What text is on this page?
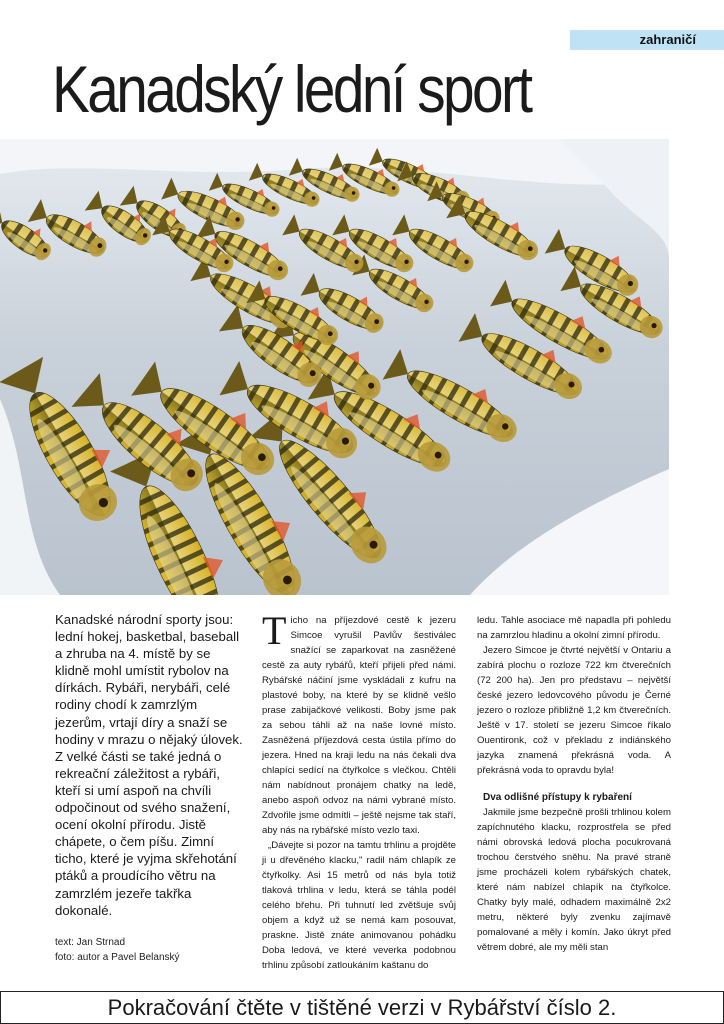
zahraničí
Kanadský lední sport
Kanadské národní sporty jsou: lední hokej, basketbal, baseball a zhruba na 4. místě by se klidně mohl umístit rybolov na dírkách. Rybáři, nerybáři, celé rodiny chodí k zamrzlým jezerům, vrtají díry a snaží se hodiny v mrazu o nějaký úlovek. Z velké části se také jedná o rekreační záležitost a rybáři, kteří si umí aspoň na chvíli odpočinout od svého snažení, ocení okolní přírodu. Jistě chápete, o čem píšu. Zimní ticho, které je vyjma skřehotání ptáků a proudícího větru na zamrzlém jezeře takřka dokonalé.
text: Jan Strnad
foto: autor a Pavel Belanský

Ticho na příjezdové cestě k jezeru Simcoe vyrušil Pavlův šestiválec snažící se zaparkovat na zasněžené cestě za auty rybářů, kteří přijeli před námi. Rybářské náčiní jsme vyskládali z kufru na plastové boby, na které by se klidně vešlo prase zabijačkové velikosti. Boby jsme pak za sebou táhli až na naše lovné místo. Zasněžená příjezdová cesta ústila přímo do jezera. Hned na kraji ledu na nás čekali dva chlapíci sedící na čtyřkolce s vlečkou. Chtěli nám nabídnout pronájem chatky na ledě, anebo aspoň odvoz na námi vybrané místo. Zdvořile jsme odmítli – ještě nejsme tak staří, aby nás na rybářské místo vezlo taxi.

„Dávejte si pozor na tamtu trhlinu a projděte ji u dřevěného klacku," radil nám chlapík ze čtyřkolky. Asi 15 metrů od nás byla totiž tlaková trhlina v ledu, která se táhla podél celého břehu. Při tuhnutí led zvětšuje svůj objem a když už se nemá kam posouvat, praskne. Jistě znáte animovanou pohádku Doba ledová, ve které veverka podobnou trhlinu způsobí zatloukáním kaštanu do

ledu. Tahle asociace mě napadla při pohledu na zamrzlou hladinu a okolní zimní přírodu.

Jezero Simcoe je čtvrté největší v Ontariu a zabírá plochu o rozloze 722 km čtverečních (72 200 ha). Jen pro představu – největší české jezero ledovcového původu je Černé jezero o rozloze přibližně 1,2 km čtverečních. Ještě v 17. století se jezeru Simcoe říkalo Ouentironk, což v překladu z indiánského jazyka znamená překrásná voda. A překrásná voda to opravdu byla!

Dva odlišné přístupy k rybaření

Jakmile jsme bezpečně prošli trhlinou kolem zapíchnutého klacku, rozprostřela se před námi obrovská ledová plocha pocukrovaná trochou čerstvého sněhu. Na pravé straně jsme procházeli kolem rybářských chatek, které nám nabízel chlapík na čtyřkolce. Chatky byly malé, odhadem maximálně 2x2 metru, některé byly zvenku zajímavě pomalované a měly i komín. Jako úkryt před větrem dobré, ale my měli stan

Pokračování čtěte v tištěné verzi v Rybářství číslo 2.
